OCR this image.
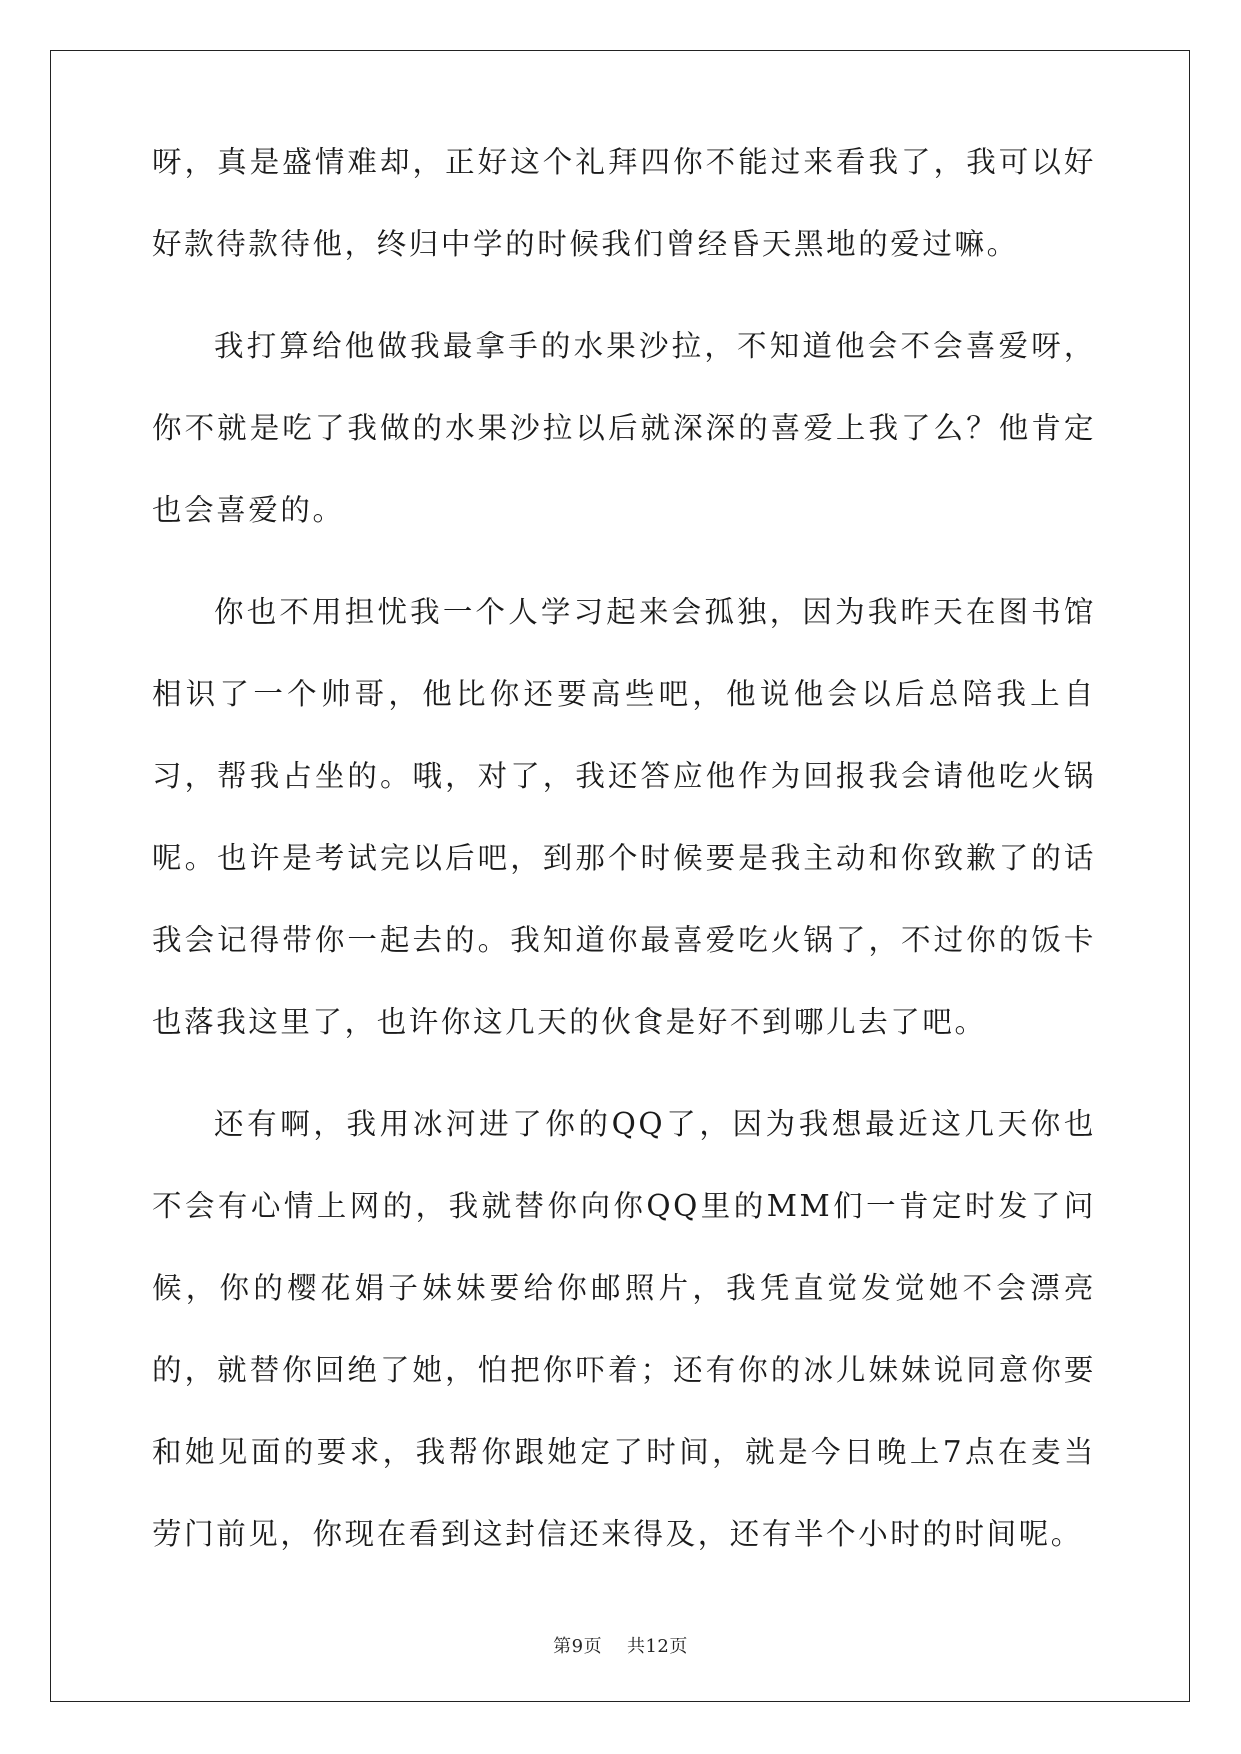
呀，真是盛情难却，正好这个礼拜四你不能过来看我了，我可以好好款待款待他，终归中学的时候我们曾经昏天黑地的爱过嘛。

我打算给他做我最拿手的水果沙拉，不知道他会不会喜爱呀，你不就是吃了我做的水果沙拉以后就深深的喜爱上我了么？他肯定也会喜爱的。

你也不用担忧我一个人学习起来会孤独，因为我昨天在图书馆相识了一个帅哥，他比你还要高些吧，他说他会以后总陪我上自习，帮我占坐的。哦，对了，我还答应他作为回报我会请他吃火锅呢。也许是考试完以后吧，到那个时候要是我主动和你致歉了的话我会记得带你一起去的。我知道你最喜爱吃火锅了，不过你的饭卡也落我这里了，也许你这几天的伙食是好不到哪儿去了吧。

还有啊，我用冰河进了你的QQ了，因为我想最近这几天你也不会有心情上网的，我就替你向你QQ里的MM们一肯定时发了问候，你的樱花娟子妹妹要给你邮照片，我凭直觉发觉她不会漂亮的，就替你回绝了她，怕把你吓着；还有你的冰儿妹妹说同意你要和她见面的要求，我帮你跟她定了时间，就是今日晚上7点在麦当劳门前见，你现在看到这封信还来得及，还有半个小时的时间呢。

第9页 共12页
